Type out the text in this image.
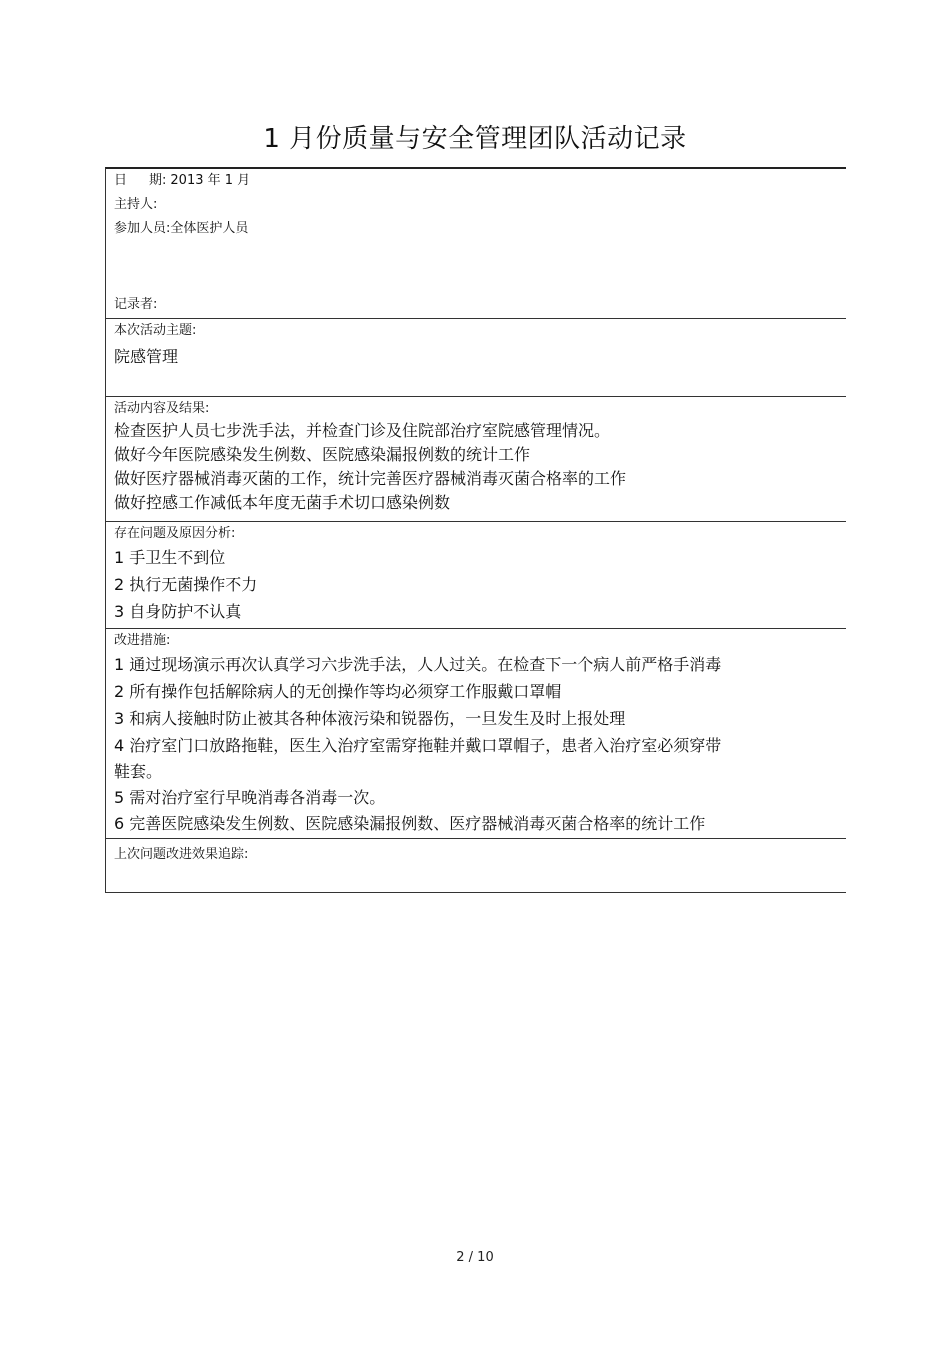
1 月份质量与安全管理团队活动记录
日 期: 2013 年 1 月
主持人:
参加人员: 全体医护人员
记录者:
本次活动主题:
院感管理
活动内容及结果:
检查医护人员七步洗手法，并检查门诊及住院部治疗室院感管理情况。
做好今年医院感染发生例数、医院感染漏报例数的统计工作
做好医疗器械消毒灭菌的工作，统计完善医疗器械消毒灭菌合格率的工作
做好控感工作减低本年度无菌手术切口感染例数
存在问题及原因分析:
1 手卫生不到位
2 执行无菌操作不力
3 自身防护不认真
改进措施:
1 通过现场演示再次认真学习六步洗手法，人人过关。在检查下一个病人前严格手消毒
2 所有操作包括解除病人的无创操作等均必须穿工作服戴口罩帽
3 和病人接触时防止被其各种体液污染和锐器伤，一旦发生及时上报处理
4 治疗室门口放路拖鞋，医生入治疗室需穿拖鞋并戴口罩帽子，患者入治疗室必须穿带
鞋套。
5 需对治疗室行早晚消毒各消毒一次。
6 完善医院感染发生例数、医院感染漏报例数、医疗器械消毒灭菌合格率的统计工作
上次问题改进效果追踪:
2 / 10
